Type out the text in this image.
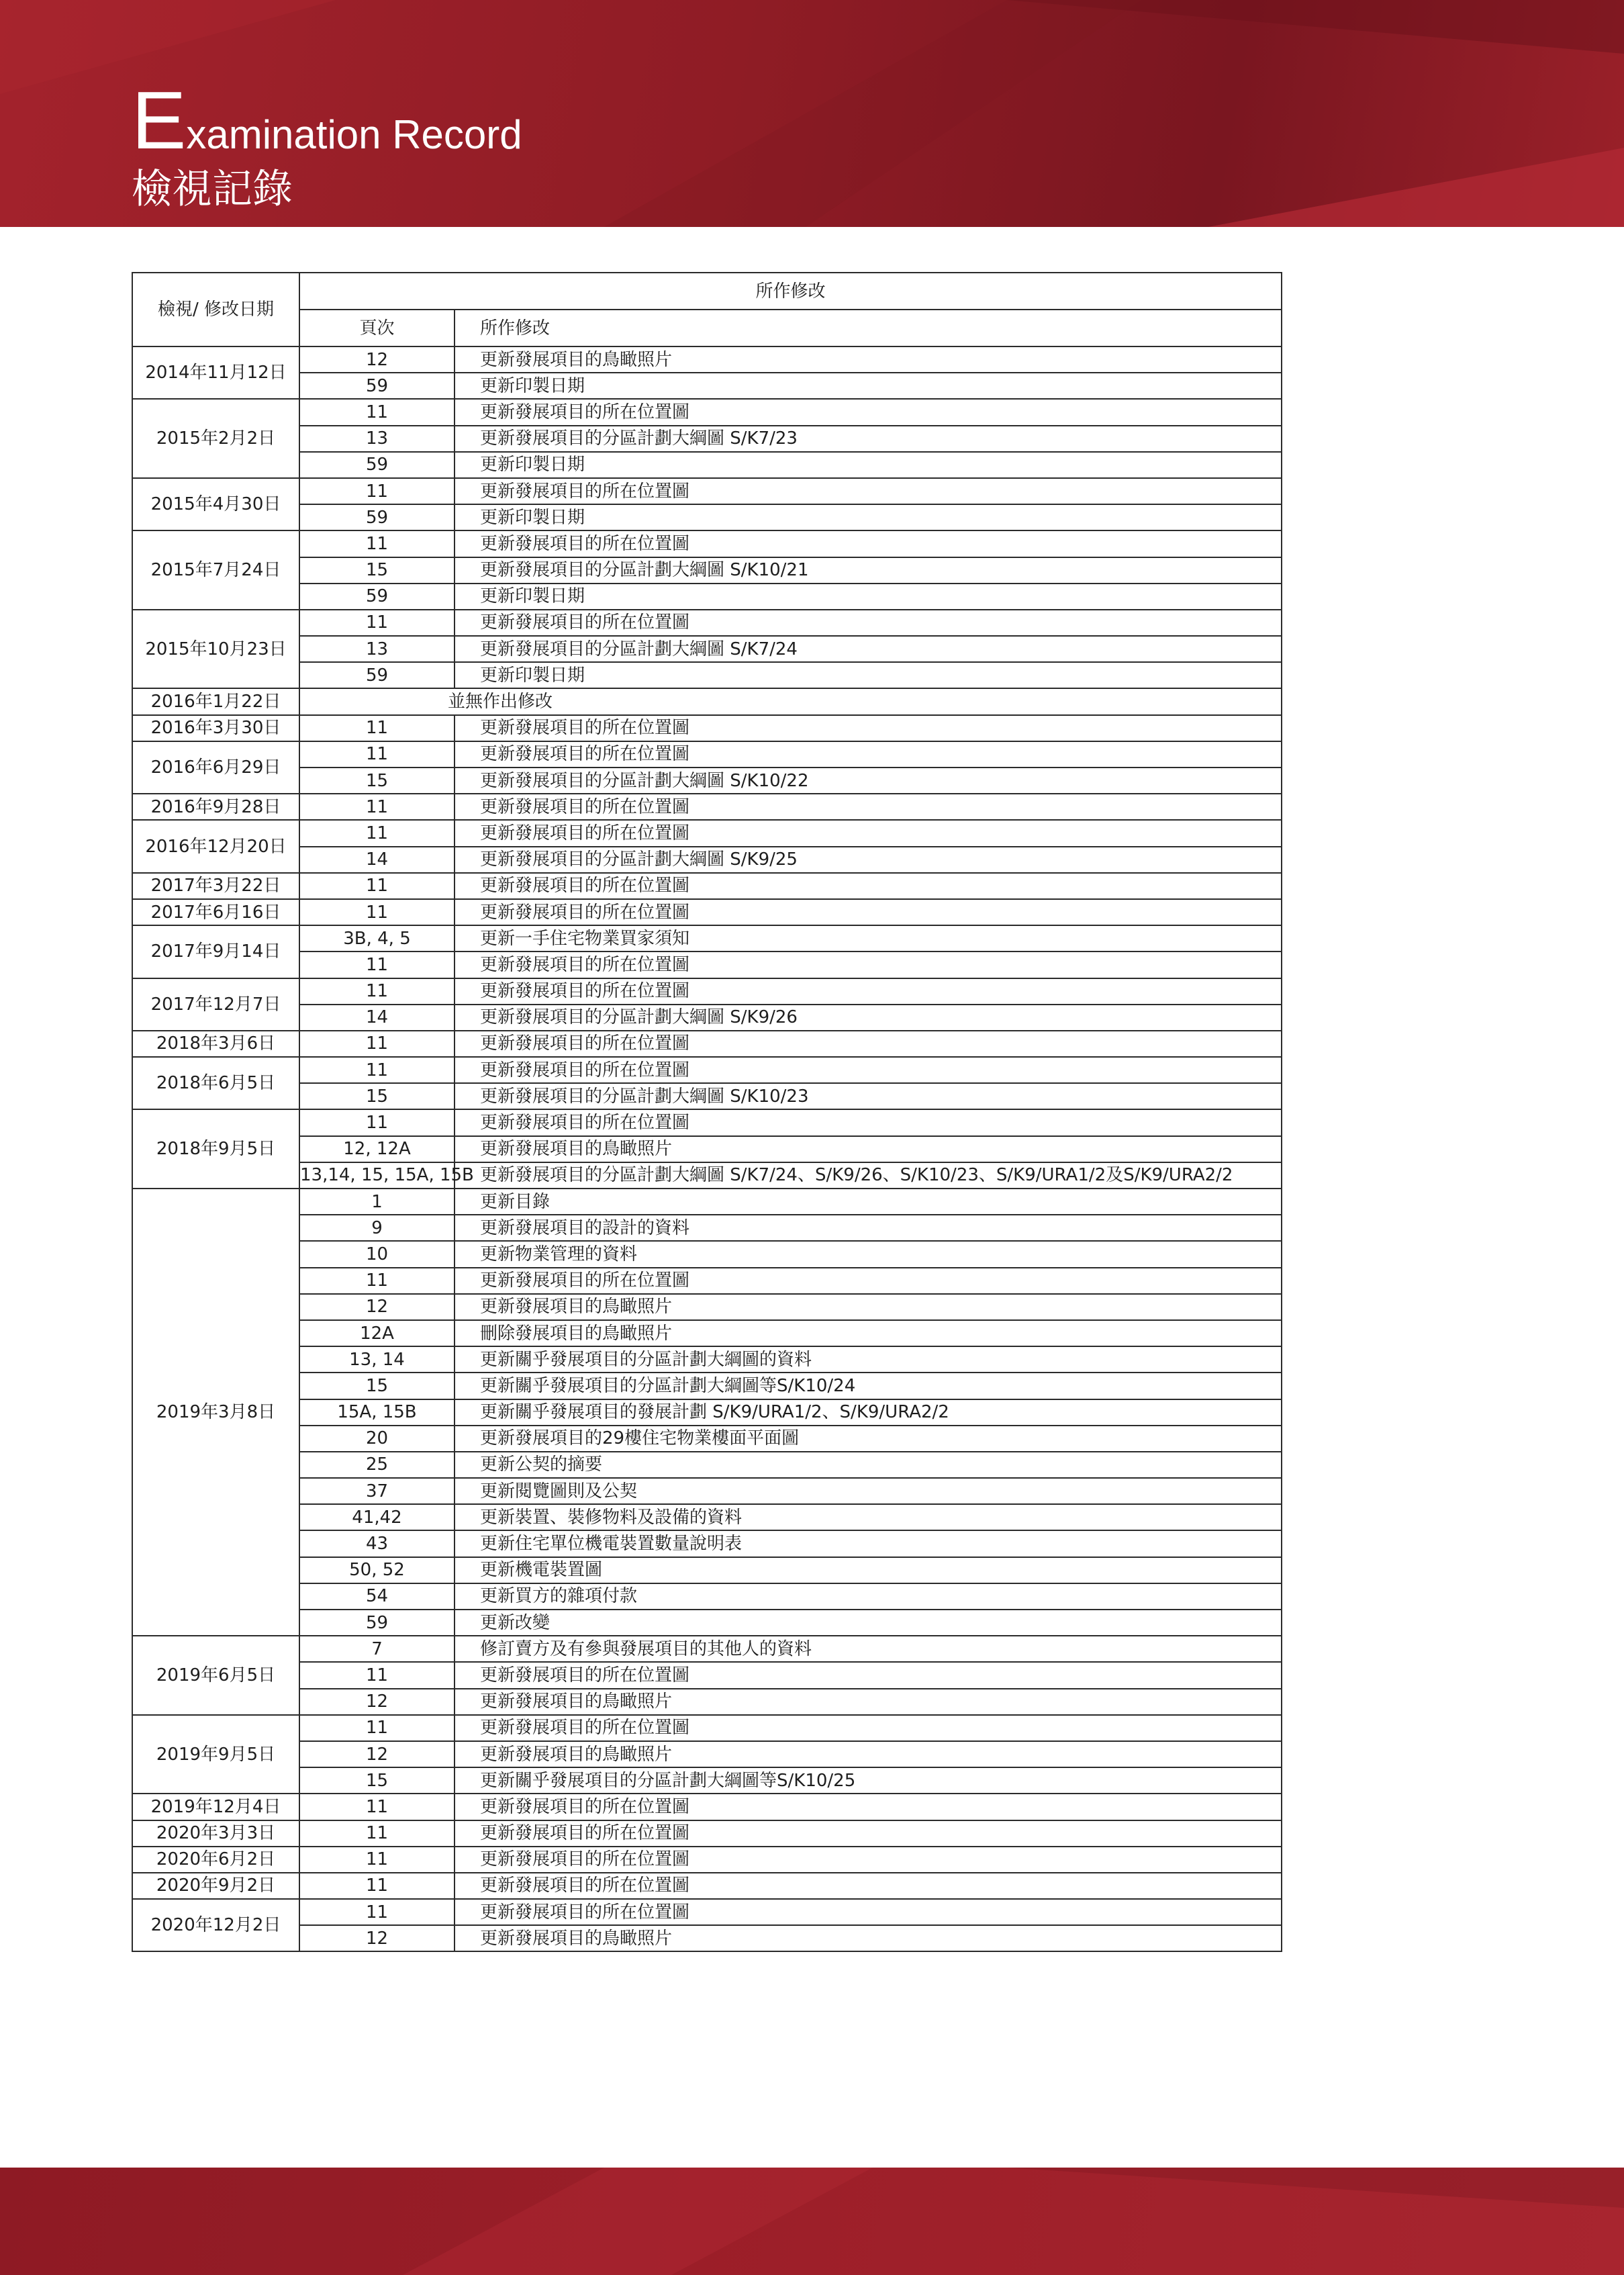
Examination Record
檢視記錄
檢視/ 修改日期	所作修改	
	頁次	所作修改
2014年11月12日	12	更新發展項目的鳥瞰照片
	59	更新印製日期
2015年2月2日	11	更新發展項目的所在位置圖
	13	更新發展項目的分區計劃大綱圖 S/K7/23
	59	更新印製日期
2015年4月30日	11	更新發展項目的所在位置圖
	59	更新印製日期
2015年7月24日	11	更新發展項目的所在位置圖
	15	更新發展項目的分區計劃大綱圖 S/K10/21
	59	更新印製日期
2015年10月23日	11	更新發展項目的所在位置圖
	13	更新發展項目的分區計劃大綱圖 S/K7/24
	59	更新印製日期
2016年1月22日	並無作出修改	
2016年3月30日	11	更新發展項目的所在位置圖
2016年6月29日	11	更新發展項目的所在位置圖
	15	更新發展項目的分區計劃大綱圖 S/K10/22
2016年9月28日	11	更新發展項目的所在位置圖
2016年12月20日	11	更新發展項目的所在位置圖
	14	更新發展項目的分區計劃大綱圖 S/K9/25
2017年3月22日	11	更新發展項目的所在位置圖
2017年6月16日	11	更新發展項目的所在位置圖
2017年9月14日	3B, 4, 5	更新一手住宅物業買家須知
	11	更新發展項目的所在位置圖
2017年12月7日	11	更新發展項目的所在位置圖
	14	更新發展項目的分區計劃大綱圖 S/K9/26
2018年3月6日	11	更新發展項目的所在位置圖
2018年6月5日	11	更新發展項目的所在位置圖
	15	更新發展項目的分區計劃大綱圖 S/K10/23
2018年9月5日	11	更新發展項目的所在位置圖
	12, 12A	更新發展項目的鳥瞰照片
	13,14, 15, 15A, 15B	更新發展項目的分區計劃大綱圖 S/K7/24、S/K9/26、S/K10/23、S/K9/URA1/2及S/K9/URA2/2
2019年3月8日	1	更新目錄
	9	更新發展項目的設計的資料
	10	更新物業管理的資料
	11	更新發展項目的所在位置圖
	12	更新發展項目的鳥瞰照片
	12A	刪除發展項目的鳥瞰照片
	13, 14	更新關乎發展項目的分區計劃大綱圖的資料
	15	更新關乎發展項目的分區計劃大綱圖等S/K10/24
	15A, 15B	更新關乎發展項目的發展計劃 S/K9/URA1/2、S/K9/URA2/2
	20	更新發展項目的29樓住宅物業樓面平面圖
	25	更新公契的摘要
	37	更新閱覽圖則及公契
	41,42	更新裝置、裝修物料及設備的資料
	43	更新住宅單位機電裝置數量說明表
	50, 52	更新機電裝置圖
	54	更新買方的雜項付款
	59	更新改變
2019年6月5日	7	修訂賣方及有參與發展項目的其他人的資料
	11	更新發展項目的所在位置圖
	12	更新發展項目的鳥瞰照片
2019年9月5日	11	更新發展項目的所在位置圖
	12	更新發展項目的鳥瞰照片
	15	更新關乎發展項目的分區計劃大綱圖等S/K10/25
2019年12月4日	11	更新發展項目的所在位置圖
2020年3月3日	11	更新發展項目的所在位置圖
2020年6月2日	11	更新發展項目的所在位置圖
2020年9月2日	11	更新發展項目的所在位置圖
2020年12月2日	11	更新發展項目的所在位置圖
	12	更新發展項目的鳥瞰照片
